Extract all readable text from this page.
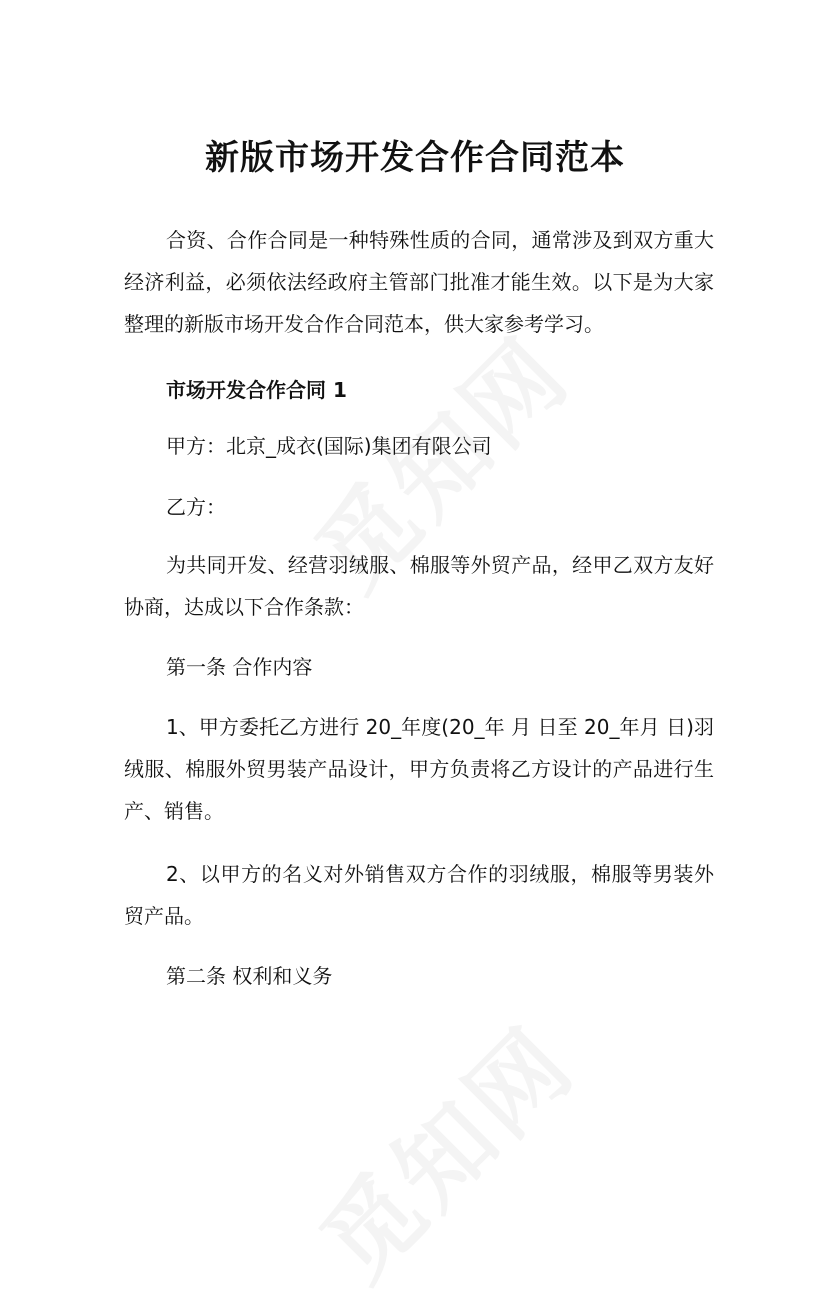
新版市场开发合作合同范本

合资、合作合同是一种特殊性质的合同，通常涉及到双方重大经济利益，必须依法经政府主管部门批准才能生效。以下是为大家整理的新版市场开发合作合同范本，供大家参考学习。

市场开发合作合同 1

甲方：北京_成衣(国际)集团有限公司

乙方：

为共同开发、经营羽绒服、棉服等外贸产品，经甲乙双方友好协商，达成以下合作条款：

第一条 合作内容

1、甲方委托乙方进行 20_年度(20_年 月 日至 20_年月 日)羽绒服、棉服外贸男装产品设计，甲方负责将乙方设计的产品进行生产、销售。

2、以甲方的名义对外销售双方合作的羽绒服，棉服等男装外贸产品。

第二条 权利和义务
